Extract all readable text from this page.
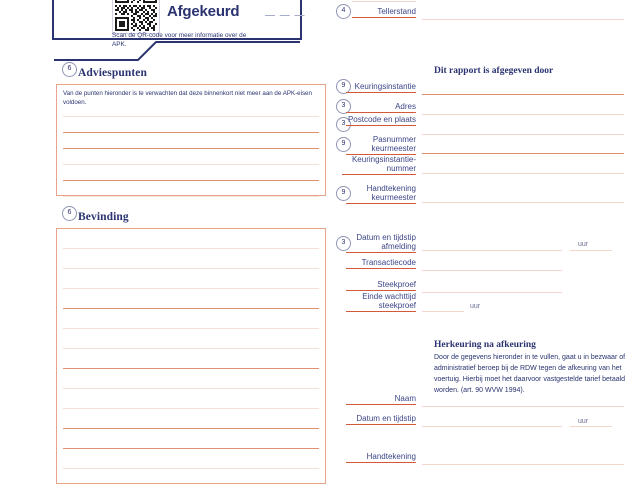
Afgekeurd	— — —
Scan de QR-code voor meer informatie over de APK.
6 Adviespunten
Van de punten hieronder is te verwachten dat deze binnenkort niet meer aan de APK-eisen voldoen.
6 Bevinding
4	Tellerstand
Dit rapport is afgegeven door
9	Keuringsinstantie
3	Adres
3 Postcode en plaats
9	Pasnummer keurmeester
Keuringsinstantie-nummer
9	Handtekening keurmeester
3
Datum en tijdstip afmelding	uur
Transactiecode
Steekproef
Einde wachttijd steekproef	uur
Herkeuring na afkeuring
Door de gegevens hieronder in te vullen, gaat u in bezwaar of administratief beroep bij de RDW tegen de afkeuring van het voertuig. Hierbij moet het daarvoor vastgestelde tarief betaald worden. (art. 90 WVW 1994).
Naam
Datum en tijdstip	uur
Handtekening
